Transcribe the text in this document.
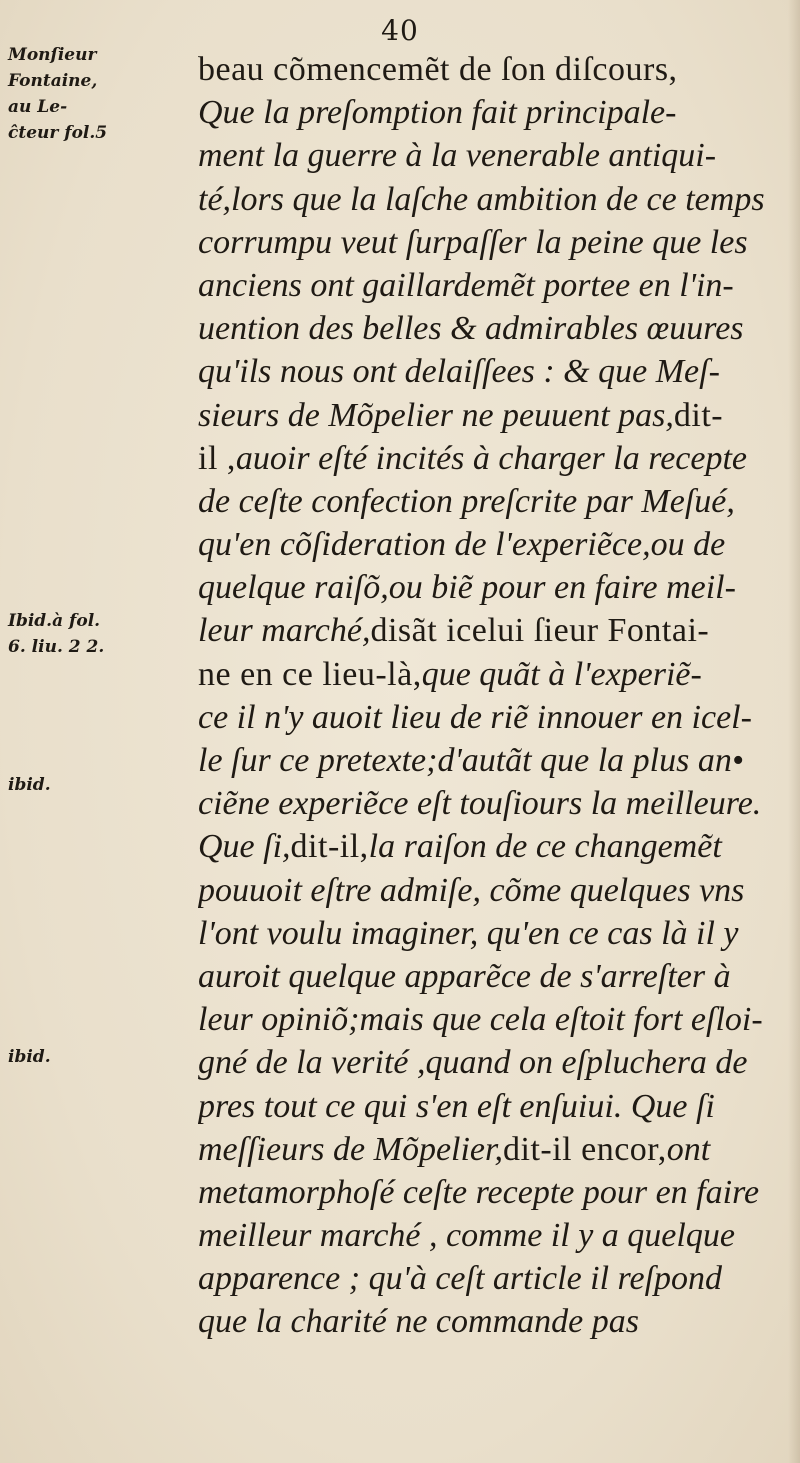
40
Monſieur
Fontaine,
au Le-
ĉteur fol.5
Ibid.à fol.
6. liu. 2 2.
ibid.
ibid.
beau cõmencemẽt de ſon diſcours,
Que la preſomption fait principale-
ment la guerre à la venerable antiqui-
té,lors que la laſche ambition de ce temps
corrumpu veut ſurpaſſer la peine que les
anciens ont gaillardemẽt portee en l'in-
uention des belles & admirables œuures
qu'ils nous ont delaiſſees : & que Meſ-
sieurs de Mõpelier ne peuuent pas,dit-
il ,auoir eſté incités à charger la recepte
de ceſte confection preſcrite par Meſué,
qu'en cõſideration de l'experiẽce,ou de
quelque raiſõ,ou biẽ pour en faire meil-
leur marché,disãt icelui ſieur Fontai-
ne en ce lieu-là,que quãt à l'experiẽ-
ce il n'y auoit lieu de riẽ innouer en icel-
le ſur ce pretexte;d'autãt que la plus an•
ciẽne experiẽce eſt touſiours la meilleure.
Que ſi,dit-il,la raiſon de ce changemẽt
pouuoit eſtre admiſe, cõme quelques vns
l'ont voulu imaginer, qu'en ce cas là il y
auroit quelque apparẽce de s'arreſter à
leur opiniõ;mais que cela eſtoit fort eſloi-
gné de la verité ,quand on eſpluchera de
pres tout ce qui s'en eſt enſuiui. Que ſi
meſſieurs de Mõpelier,dit-il encor,ont
metamorphoſé ceſte recepte pour en faire
meilleur marché , comme il y a quelque
apparence ; qu'à ceſt article il reſpond
que la charité ne commande pas
